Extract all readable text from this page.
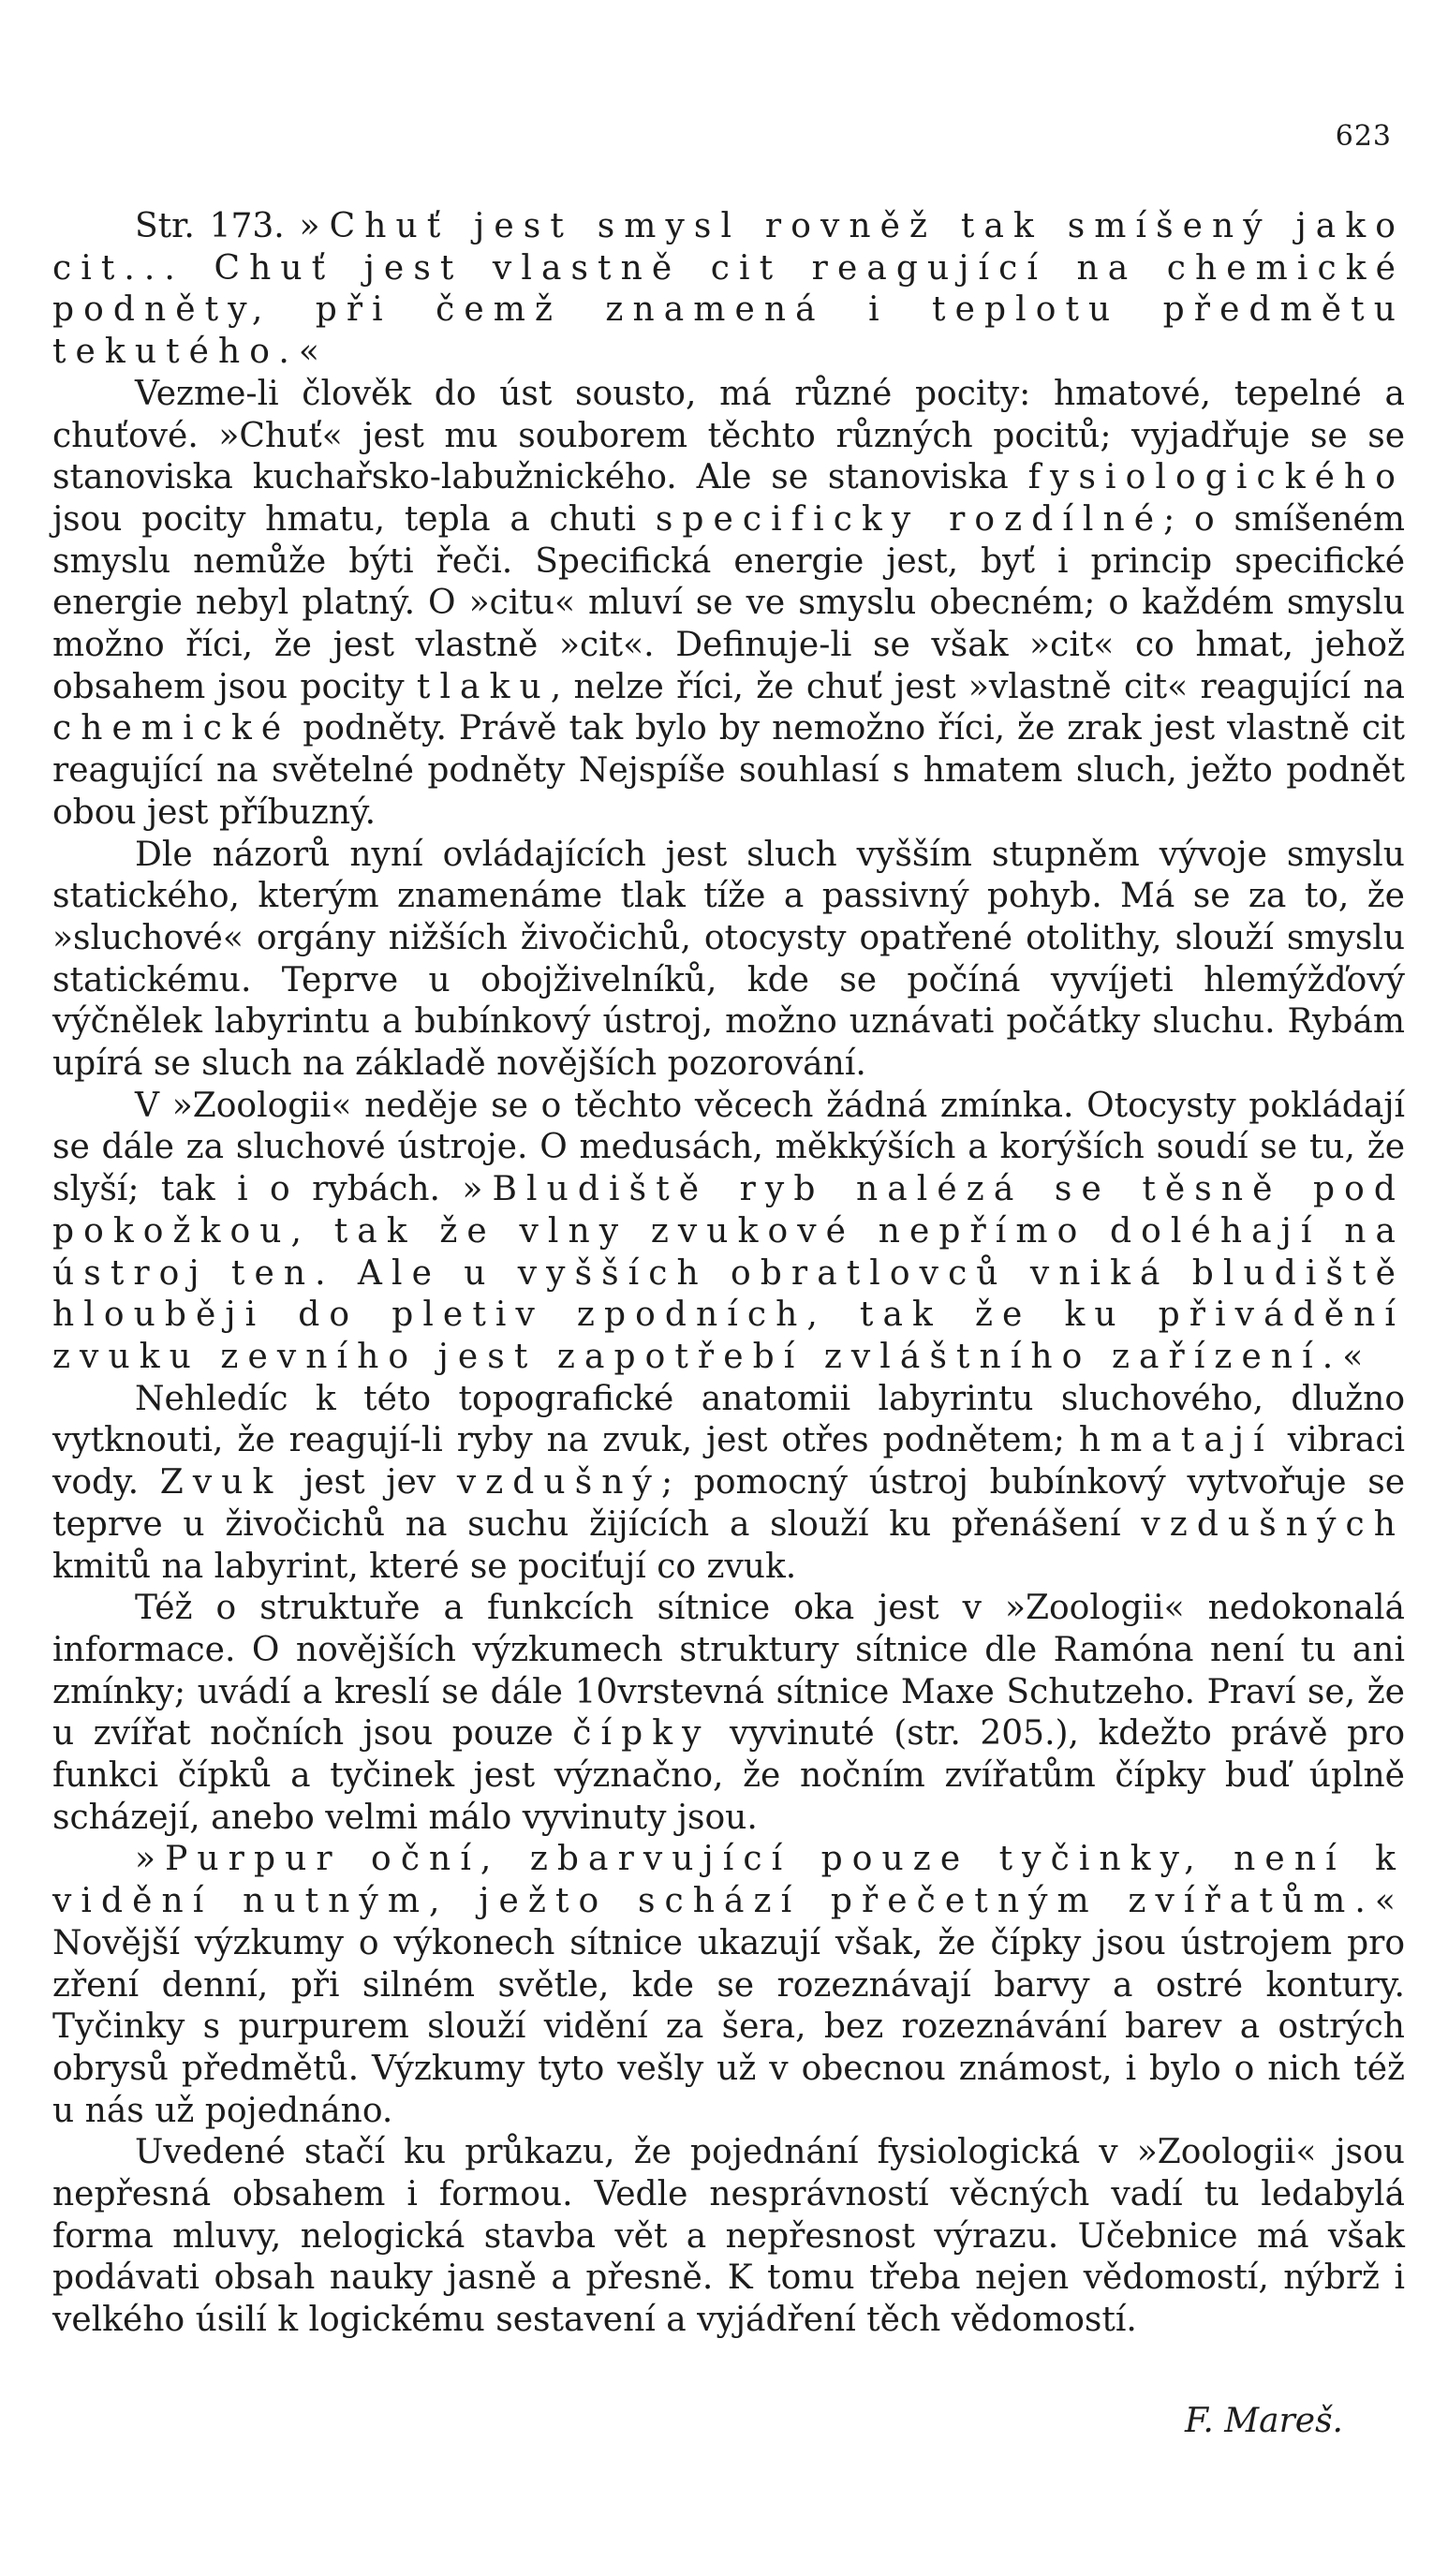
623

Str. 173. »Chuť jest smysl rovněž tak smíšený jako cit... Chuť jest vlastně cit reagující na chemické podněty, při čemž znamená i teplotu předmětu tekutého.«

Vezme-li člověk do úst sousto, má různé pocity: hmatové, tepelné a chuťové. »Chuť« jest mu souborem těchto různých pocitů; vyjadřuje se se stanoviska kuchařsko-labužnického. Ale se stanoviska fysiologického jsou pocity hmatu, tepla a chuti specificky rozdílné; o smíšeném smyslu nemůže býti řeči. Specifická energie jest, byť i princip specifické energie nebyl platný. O »citu« mluví se ve smyslu obecném; o každém smyslu možno říci, že jest vlastně »cit«. Definuje-li se však »cit« co hmat, jehož obsahem jsou pocity tlaku, nelze říci, že chuť jest »vlastně cit« reagující na chemické podněty. Právě tak bylo by nemožno říci, že zrak jest vlastně cit reagující na světelné podněty Nejspíše souhlasí s hmatem sluch, ježto podnět obou jest příbuzný.

Dle názorů nyní ovládajících jest sluch vyšším stupněm vývoje smyslu statického, kterým znamenáme tlak tíže a passivný pohyb. Má se za to, že »sluchové« orgány nižších živočichů, otocysty opatřené otolithy, slouží smyslu statickému. Teprve u obojživelníků, kde se počíná vyvíjeti hlemýžďový výčnělek labyrintu a bubínkový ústroj, možno uznávati počátky sluchu. Rybám upírá se sluch na základě novějších pozorování.

V »Zoologii« neděje se o těchto věcech žádná zmínka. Otocysty pokládají se dále za sluchové ústroje. O medusách, měkkýších a korýších soudí se tu, že slyší; tak i o rybách. »Bludiště ryb nalézá se těsně pod pokožkou, tak že vlny zvukové nepřímo doléhají na ústroj ten. Ale u vyšších obratlovců vniká bludiště hlouběji do pletiv zpodních, tak že ku přivádění zvuku zevního jest zapotřebí zvláštního zařízení.«

Nehledíc k této topografické anatomii labyrintu sluchového, dlužno vytknouti, že reagují-li ryby na zvuk, jest otřes podnětem; hmatají vibraci vody. Zvuk jest jev vzdušný; pomocný ústroj bubínkový vytvořuje se teprve u živočichů na suchu žijících a slouží ku přenášení vzdušných kmitů na labyrint, které se pociťují co zvuk.

Též o struktuře a funkcích sítnice oka jest v »Zoologii« nedokonalá informace. O novějších výzkumech struktury sítnice dle Ramóna není tu ani zmínky; uvádí a kreslí se dále 10vrstevná sítnice Maxe Schutzeho. Praví se, že u zvířat nočních jsou pouze čípky vyvinuté (str. 205.), kdežto právě pro funkci čípků a tyčinek jest význačno, že nočním zvířatům čípky buď úplně scházejí, anebo velmi málo vyvinuty jsou.

»Purpur oční, zbarvující pouze tyčinky, není k vidění nutným, ježto schází přečetným zvířatům.« Novější výzkumy o výkonech sítnice ukazují však, že čípky jsou ústrojem pro zření denní, při silném světle, kde se rozeznávají barvy a ostré kontury. Tyčinky s purpurem slouží vidění za šera, bez rozeznávání barev a ostrých obrysů předmětů. Výzkumy tyto vešly už v obecnou známost, i bylo o nich též u nás už pojednáno.

Uvedené stačí ku průkazu, že pojednání fysiologická v »Zoologii« jsou nepřesná obsahem i formou. Vedle nesprávností věcných vadí tu ledabylá forma mluvy, nelogická stavba vět a nepřesnost výrazu. Učebnice má však podávati obsah nauky jasně a přesně. K tomu třeba nejen vědomostí, nýbrž i velkého úsilí k logickému sestavení a vyjádření těch vědomostí.

F. Mareš.
